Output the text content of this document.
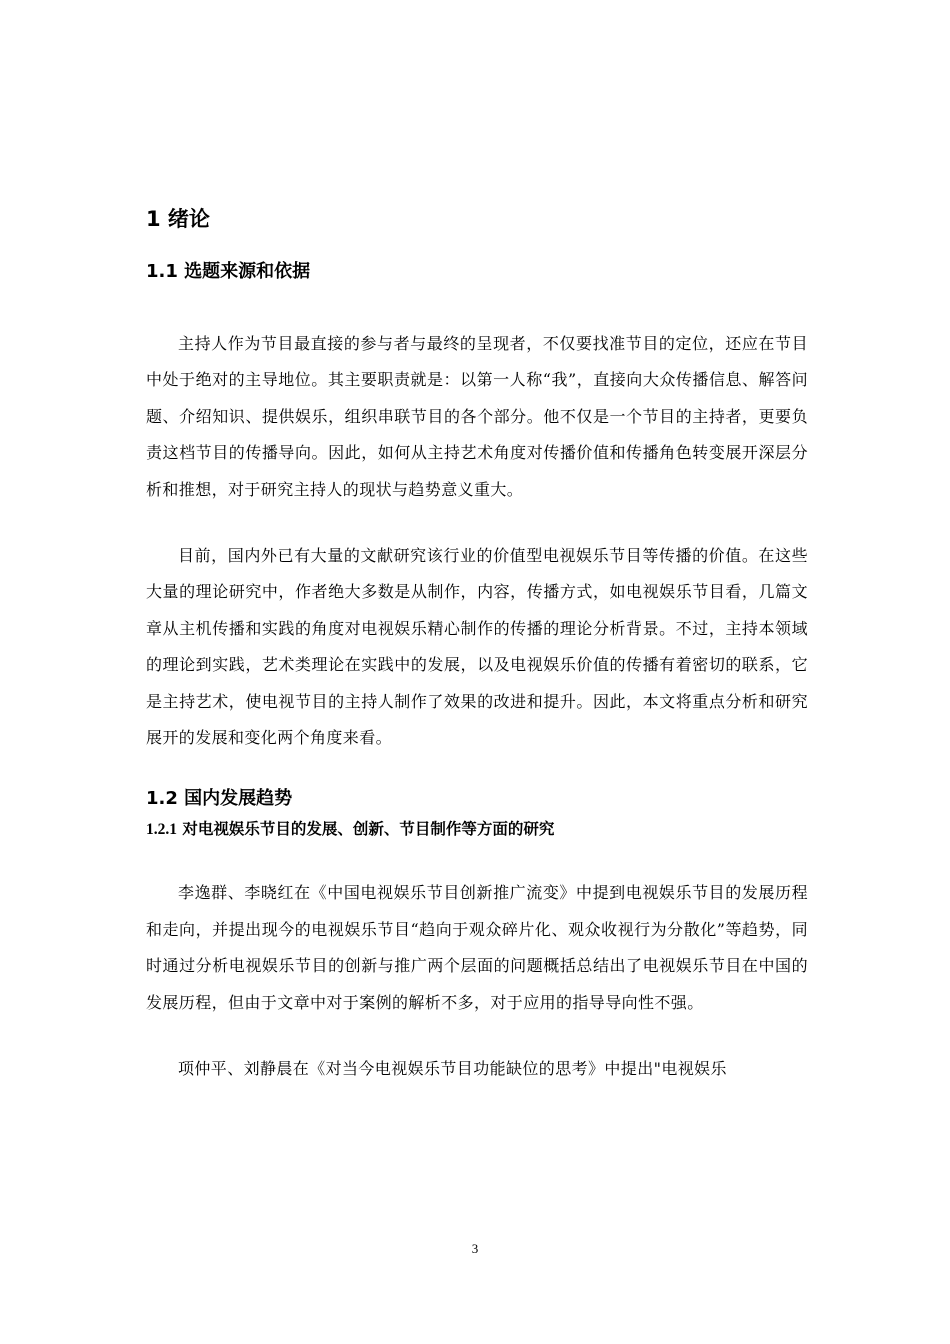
1 绪论
1.1 选题来源和依据

主持人作为节目最直接的参与者与最终的呈现者，不仅要找准节目的定位，还应在节目中处于绝对的主导地位。其主要职责就是：以第一人称“我”，直接向大众传播信息、解答问题、介绍知识、提供娱乐，组织串联节目的各个部分。他不仅是一个节目的主持者，更要负责这档节目的传播导向。因此，如何从主持艺术角度对传播价值和传播角色转变展开深层分析和推想，对于研究主持人的现状与趋势意义重大。

目前，国内外已有大量的文献研究该行业的价值型电视娱乐节目等传播的价值。在这些大量的理论研究中，作者绝大多数是从制作，内容，传播方式，如电视娱乐节目看，几篇文章从主机传播和实践的角度对电视娱乐精心制作的传播的理论分析背景。不过，主持本领域的理论到实践，艺术类理论在实践中的发展，以及电视娱乐价值的传播有着密切的联系，它是主持艺术，使电视节目的主持人制作了效果的改进和提升。因此，本文将重点分析和研究展开的发展和变化两个角度来看。

1.2 国内发展趋势
1.2.1 对电视娱乐节目的发展、创新、节目制作等方面的研究

李逸群、李晓红在《中国电视娱乐节目创新推广流变》中提到电视娱乐节目的发展历程和走向，并提出现今的电视娱乐节目“趋向于观众碎片化、观众收视行为分散化”等趋势，同时通过分析电视娱乐节目的创新与推广两个层面的问题概括总结出了电视娱乐节目在中国的发展历程，但由于文章中对于案例的解析不多，对于应用的指导导向性不强。

项仲平、刘静晨在《对当今电视娱乐节目功能缺位的思考》中提出"电视娱乐

3
